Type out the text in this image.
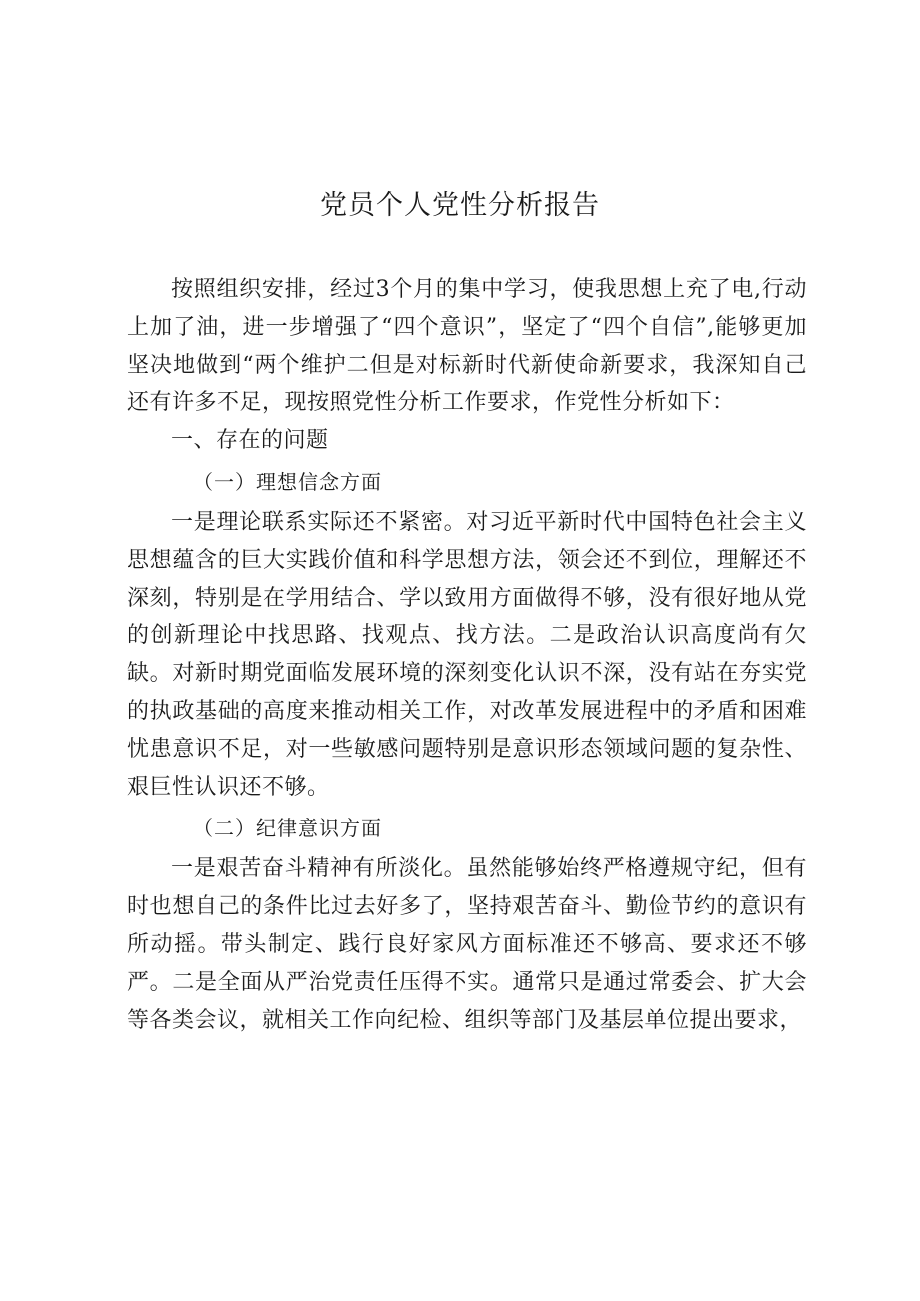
党员个人党性分析报告

按照组织安排，经过3个月的集中学习，使我思想上充了电,行动上加了油，进一步增强了“四个意识”，坚定了“四个自信”,能够更加坚决地做到“两个维护二但是对标新时代新使命新要求，我深知自己还有许多不足，现按照党性分析工作要求，作党性分析如下：

一、存在的问题

（一）理想信念方面

一是理论联系实际还不紧密。对习近平新时代中国特色社会主义思想蕴含的巨大实践价值和科学思想方法，领会还不到位，理解还不深刻，特别是在学用结合、学以致用方面做得不够，没有很好地从党的创新理论中找思路、找观点、找方法。二是政治认识高度尚有欠缺。对新时期党面临发展环境的深刻变化认识不深，没有站在夯实党的执政基础的高度来推动相关工作，对改革发展进程中的矛盾和困难忧患意识不足，对一些敏感问题特别是意识形态领域问题的复杂性、艰巨性认识还不够。

（二）纪律意识方面

一是艰苦奋斗精神有所淡化。虽然能够始终严格遵规守纪，但有时也想自己的条件比过去好多了，坚持艰苦奋斗、勤俭节约的意识有所动摇。带头制定、践行良好家风方面标准还不够高、要求还不够严。二是全面从严治党责任压得不实。通常只是通过常委会、扩大会等各类会议，就相关工作向纪检、组织等部门及基层单位提出要求，
